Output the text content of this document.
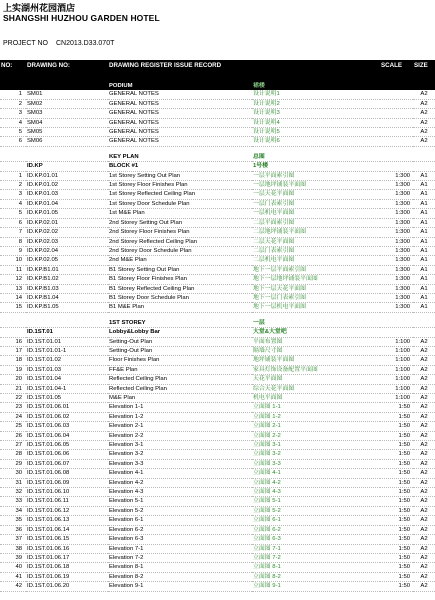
上实湖州花园酒店
SHANGSHI HUZHOU GARDEN HOTEL
PROJECT NO CN2013.D33.070T
NO:	DRAWING NO:	DRAWING REGISTER ISSUE RECORD		SCALE	SIZE
		PODIUM	裙楼		
1	SM01	GENERAL NOTES	设计说明1		A2
2	SM02	GENERAL NOTES	设计说明2		A2
3	SM03	GENERAL NOTES	设计说明3		A2
4	SM04	GENERAL NOTES	设计说明4		A2
5	SM05	GENERAL NOTES	设计说明5		A2
6	SM06	GENERAL NOTES	设计说明6		A2

		KEY PLAN	总图		
	ID.KP	BLOCK #1	1号楼		
1	ID.KP.01.01	1st Storey Setting Out Plan	一层平面索引图	1:300	A1
2	ID.KP.01.02	1st Storey Floor Finishes Plan	一层地坪铺装平面图	1:300	A1
3	ID.KP.01.03	1st Storey Reflected Ceiling Plan	一层天花平面图	1:300	A1
4	ID.KP.01.04	1st Storey Door Schedule Plan	一层门表索引图	1:300	A1
5	ID.KP.01.05	1st M&E Plan	一层机电平面图	1:300	A1
6	ID.KP.02.01	2nd Storey Setting Out Plan	二层平面索引图	1:300	A1
7	ID.KP.02.02	2nd Storey Floor Finishes Plan	二层地坪铺装平面图	1:300	A1
8	ID.KP.02.03	2nd Storey Reflected Ceiling Plan	二层天花平面图	1:300	A1
9	ID.KP.02.04	2nd Storey Door Schedule Plan	二层门表索引图	1:300	A1
10	ID.KP.02.05	2nd M&E Plan	二层机电平面图	1:300	A1
11	ID.KP.B1.01	B1 Storey Setting Out Plan	地下一层平面索引图	1:300	A1
12	ID.KP.B1.02	B1 Storey Floor Finishes Plan	地下一层地坪铺装平面图	1:300	A1
13	ID.KP.B1.03	B1 Storey Reflected Ceiling Plan	地下一层天花平面图	1:300	A1
14	ID.KP.B1.04	B1 Storey Door Schedule Plan	地下一层门表索引图	1:300	A1
15	ID.KP.B1.05	B1 M&E Plan	地下一层机电平面图	1:300	A1

		1ST STOREY	一层		
	ID.1ST.01	Lobby&Lobby Bar	大堂&大堂吧		
16	ID.1ST.01.01	Setting-Out Plan	平面布置图	1:100	A2
17	ID.1ST.01.01-1	Setting-Out Plan	隔墙尺寸图	1:100	A2
18	ID.1ST.01.02	Floor Finishes Plan	地坪铺装平面图	1:100	A2
19	ID.1ST.01.03	FF&E Plan	家具灯饰设备配置平面图	1:100	A2
20	ID.1ST.01.04	Reflected Ceiling Plan	天花平面图	1:100	A2
21	ID.1ST.01.04-1	Reflected Ceiling Plan	综合天花平面图	1:100	A2
22	ID.1ST.01.05	M&E Plan	机电平面图	1:100	A2
23	ID.1ST.01.06.01	Elevation 1-1	立面图 1-1	1:50	A2
24	ID.1ST.01.06.02	Elevation 1-2	立面图 1-2	1:50	A2
25	ID.1ST.01.06.03	Elevation 2-1	立面图 2-1	1:50	A2
26	ID.1ST.01.06.04	Elevation 2-2	立面图 2-2	1:50	A2
27	ID.1ST.01.06.05	Elevation 3-1	立面图 3-1	1:50	A2
28	ID.1ST.01.06.06	Elevation 3-2	立面图 3-2	1:50	A2
29	ID.1ST.01.06.07	Elevation 3-3	立面图 3-3	1:50	A2
30	ID.1ST.01.06.08	Elevation 4-1	立面图 4-1	1:50	A2
31	ID.1ST.01.06.09	Elevation 4-2	立面图 4-2	1:50	A2
32	ID.1ST.01.06.10	Elevation 4-3	立面图 4-3	1:50	A2
33	ID.1ST.01.06.11	Elevation 5-1	立面图 5-1	1:50	A2
34	ID.1ST.01.06.12	Elevation 5-2	立面图 5-2	1:50	A2
35	ID.1ST.01.06.13	Elevation 6-1	立面图 6-1	1:50	A2
36	ID.1ST.01.06.14	Elevation 6-2	立面图 6-2	1:50	A2
37	ID.1ST.01.06.15	Elevation 6-3	立面图 6-3	1:50	A2
38	ID.1ST.01.06.16	Elevation 7-1	立面图 7-1	1:50	A2
39	ID.1ST.01.06.17	Elevation 7-2	立面图 7-2	1:50	A2
40	ID.1ST.01.06.18	Elevation 8-1	立面图 8-1	1:50	A2
41	ID.1ST.01.06.19	Elevation 8-2	立面图 8-2	1:50	A2
42	ID.1ST.01.06.20	Elevation 9-1	立面图 9-1	1:50	A2
